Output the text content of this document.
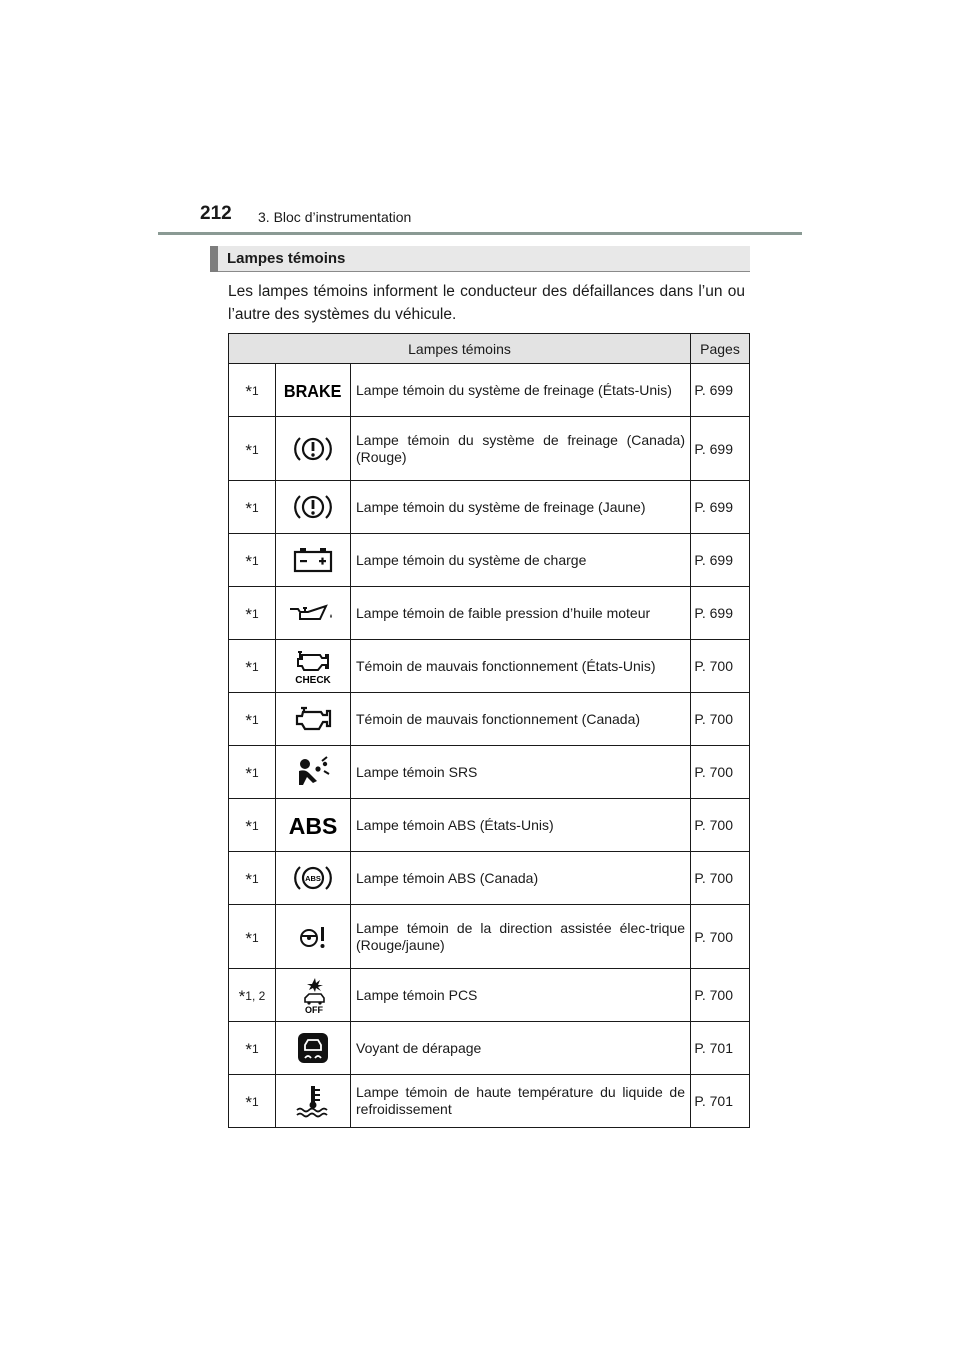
212 3. Bloc d’instrumentation
Lampes témoins
Les lampes témoins informent le conducteur des défaillances dans l’un ou l’autre des systèmes du véhicule.
Lampes témoins			Pages
*1	BRAKE	Lampe témoin du système de freinage (États-Unis)	P. 699
*1		Lampe témoin du système de freinage (Canada) (Rouge)	P. 699
*1		Lampe témoin du système de freinage (Jaune)	P. 699
*1		Lampe témoin du système de charge	P. 699
*1		Lampe témoin de faible pression d’huile moteur	P. 699
*1	CHECK	Témoin de mauvais fonctionnement (États-Unis)	P. 700
*1		Témoin de mauvais fonctionnement (Canada)	P. 700
*1		Lampe témoin SRS	P. 700
*1	ABS	Lampe témoin ABS (États-Unis)	P. 700
*1	ABS	Lampe témoin ABS (Canada)	P. 700
*1		Lampe témoin de la direction assistée élec-trique (Rouge/jaune)	P. 700
*1, 2	OFF	Lampe témoin PCS	P. 700
*1		Voyant de dérapage	P. 701
*1		Lampe témoin de haute température du liquide de refroidissement	P. 701
